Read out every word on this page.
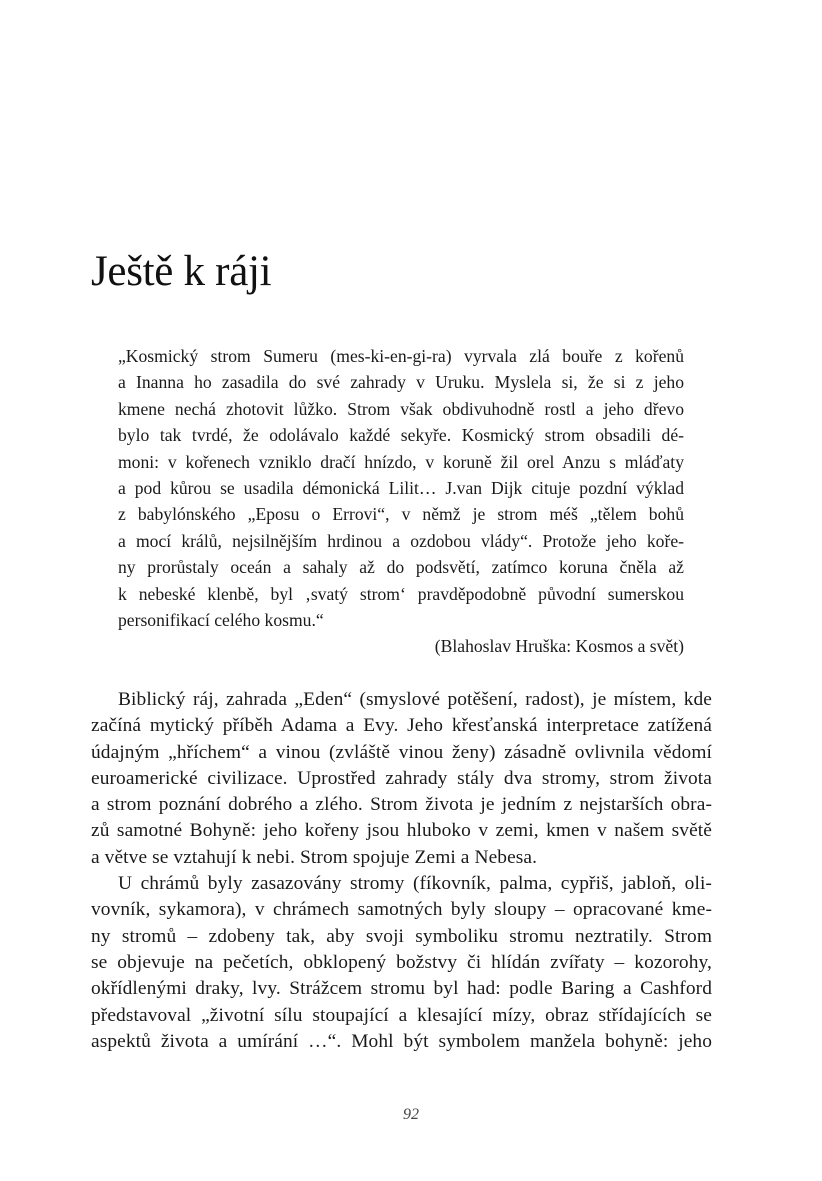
Ještě k ráji
„Kosmický strom Sumeru (mes-ki-en-gi-ra) vyrvala zlá bouře z kořenů
a Inanna ho zasadila do své zahrady v Uruku. Myslela si, že si z jeho
kmene nechá zhotovit lůžko. Strom však obdivuhodně rostl a jeho dřevo
bylo tak tvrdé, že odolávalo každé sekyře. Kosmický strom obsadili dé-
moni: v kořenech vzniklo dračí hnízdo, v koruně žil orel Anzu s mláďaty
a pod kůrou se usadila démonická Lilit… J.van Dijk cituje pozdní výklad
z babylónského „Eposu o Errovi“, v němž je strom méš „tělem bohů
a mocí králů, nejsilnějším hrdinou a ozdobou vlády“. Protože jeho koře-
ny prorůstaly oceán a sahaly až do podsvětí, zatímco koruna čněla až
k nebeské klenbě, byl ‚svatý strom‘ pravděpodobně původní sumerskou
personifikací celého kosmu.“
(Blahoslav Hruška: Kosmos a svět)
Biblický ráj, zahrada „Eden“ (smyslové potěšení, radost), je místem, kde
začíná mytický příběh Adama a Evy. Jeho křesťanská interpretace zatížená
údajným „hříchem“ a vinou (zvláště vinou ženy) zásadně ovlivnila vědomí
euroamerické civilizace. Uprostřed zahrady stály dva stromy, strom života
a strom poznání dobrého a zlého. Strom života je jedním z nejstarších obra-
zů samotné Bohyně: jeho kořeny jsou hluboko v zemi, kmen v našem světě
a větve se vztahují k nebi. Strom spojuje Zemi a Nebesa.
U chrámů byly zasazovány stromy (fíkovník, palma, cypřiš, jabloň, oli-
vovník, sykamora), v chrámech samotných byly sloupy – opracované kme-
ny stromů – zdobeny tak, aby svoji symboliku stromu neztratily. Strom
se objevuje na pečetích, obklopený božstvy či hlídán zvířaty – kozorohy,
okřídlenými draky, lvy. Strážcem stromu byl had: podle Baring a Cashford
představoval „životní sílu stoupající a klesající mízy, obraz střídajících se
aspektů života a umírání …“. Mohl být symbolem manžela bohyně: jeho
92
